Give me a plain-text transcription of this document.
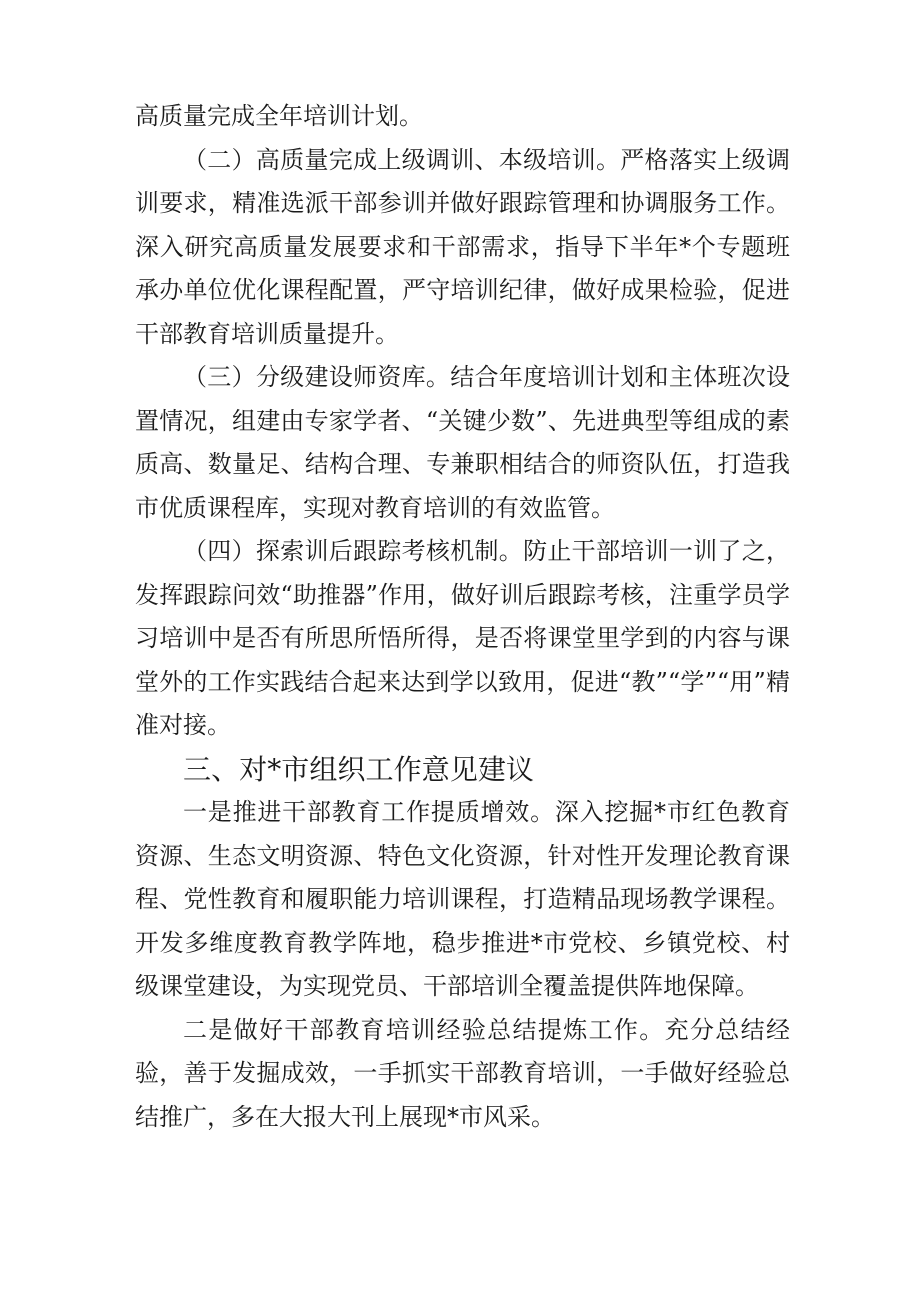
高质量完成全年培训计划。

（二）高质量完成上级调训、本级培训。严格落实上级调训要求，精准选派干部参训并做好跟踪管理和协调服务工作。深入研究高质量发展要求和干部需求，指导下半年*个专题班承办单位优化课程配置，严守培训纪律，做好成果检验，促进干部教育培训质量提升。

（三）分级建设师资库。结合年度培训计划和主体班次设置情况，组建由专家学者、“关键少数”、先进典型等组成的素质高、数量足、结构合理、专兼职相结合的师资队伍，打造我市优质课程库，实现对教育培训的有效监管。

（四）探索训后跟踪考核机制。防止干部培训一训了之，发挥跟踪问效“助推器”作用，做好训后跟踪考核，注重学员学习培训中是否有所思所悟所得，是否将课堂里学到的内容与课堂外的工作实践结合起来达到学以致用，促进“教”“学”“用”精准对接。

三、对*市组织工作意见建议

一是推进干部教育工作提质增效。深入挖掘*市红色教育资源、生态文明资源、特色文化资源，针对性开发理论教育课程、党性教育和履职能力培训课程，打造精品现场教学课程。开发多维度教育教学阵地，稳步推进*市党校、乡镇党校、村级课堂建设，为实现党员、干部培训全覆盖提供阵地保障。

二是做好干部教育培训经验总结提炼工作。充分总结经验，善于发掘成效，一手抓实干部教育培训，一手做好经验总结推广，多在大报大刊上展现*市风采。
